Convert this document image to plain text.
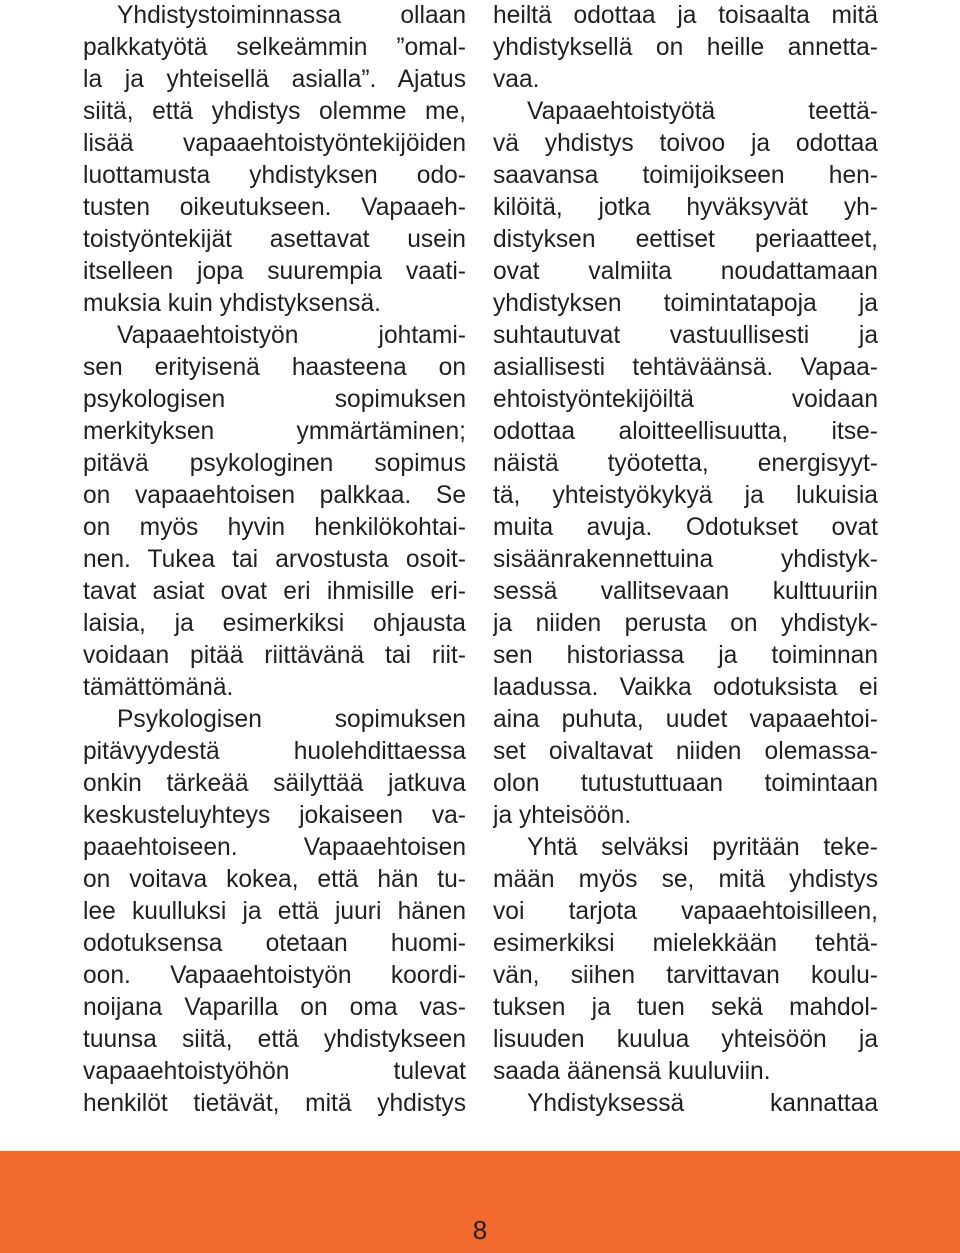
Yhdistystoiminnassa ollaan
palkkatyötä selkeämmin ”omal-
la ja yhteisellä asialla”. Ajatus
siitä, että yhdistys olemme me,
lisää vapaaehtoistyöntekijöiden
luottamusta yhdistyksen odo-
tusten oikeutukseen. Vapaaeh-
toistyöntekijät asettavat usein
itselleen jopa suurempia vaati-
muksia kuin yhdistyksensä.
Vapaaehtoistyön johtami-
sen erityisenä haasteena on
psykologisen sopimuksen
merkityksen ymmärtäminen;
pitävä psykologinen sopimus
on vapaaehtoisen palkkaa. Se
on myös hyvin henkilökohtai-
nen. Tukea tai arvostusta osoit-
tavat asiat ovat eri ihmisille eri-
laisia, ja esimerkiksi ohjausta
voidaan pitää riittävänä tai riit-
tämättömänä.
Psykologisen sopimuksen
pitävyydestä huolehdittaessa
onkin tärkeää säilyttää jatkuva
keskusteluyhteys jokaiseen va-
paaehtoiseen. Vapaaehtoisen
on voitava kokea, että hän tu-
lee kuulluksi ja että juuri hänen
odotuksensa otetaan huomi-
oon. Vapaaehtoistyön koordi-
noijana Vaparilla on oma vas-
tuunsa siitä, että yhdistykseen
vapaaehtoistyöhön tulevat
henkilöt tietävät, mitä yhdistys
heiltä odottaa ja toisaalta mitä
yhdistyksellä on heille annetta-
vaa.
Vapaaehtoistyötä teettä-
vä yhdistys toivoo ja odottaa
saavansa toimijoikseen hen-
kilöitä, jotka hyväksyvät yh-
distyksen eettiset periaatteet,
ovat valmiita noudattamaan
yhdistyksen toimintatapoja ja
suhtautuvat vastuullisesti ja
asiallisesti tehtäväänsä. Vapaa-
ehtoistyöntekijöiltä voidaan
odottaa aloitteellisuutta, itse-
näistä työotetta, energisyyt-
tä, yhteistyökykyä ja lukuisia
muita avuja. Odotukset ovat
sisäänrakennettuina yhdistyk-
sessä vallitsevaan kulttuuriin
ja niiden perusta on yhdistyk-
sen historiassa ja toiminnan
laadussa. Vaikka odotuksista ei
aina puhuta, uudet vapaaehtoi-
set oivaltavat niiden olemassa-
olon tutustuttuaan toimintaan
ja yhteisöön.
Yhtä selväksi pyritään teke-
mään myös se, mitä yhdistys
voi tarjota vapaaehtoisilleen,
esimerkiksi mielekkään tehtä-
vän, siihen tarvittavan koulu-
tuksen ja tuen sekä mahdol-
lisuuden kuulua yhteisöön ja
saada äänensä kuuluviin.
Yhdistyksessä kannattaa
8
